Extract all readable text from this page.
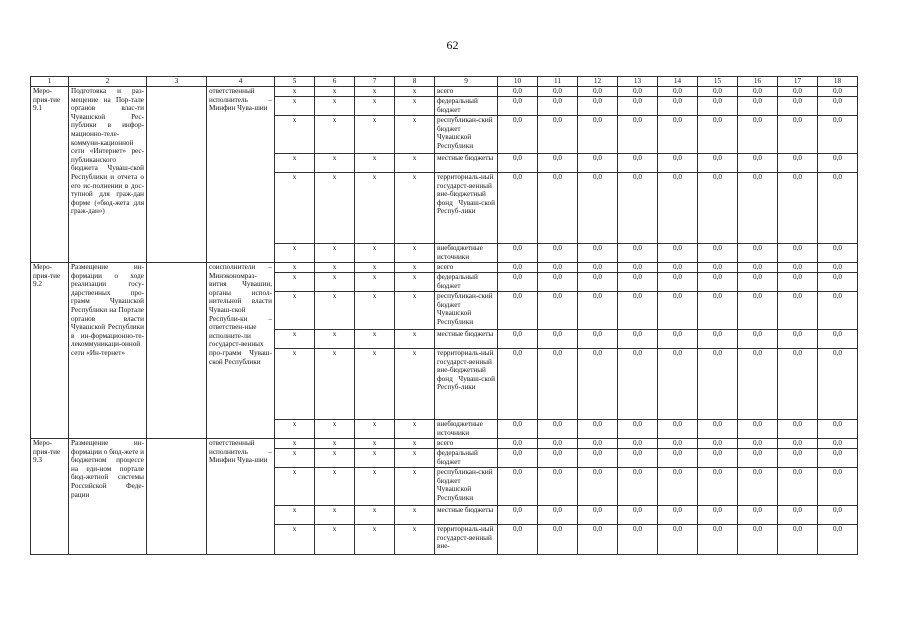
62
1	2	3	4	5	6	7	8	9	10	11	12	13	14	15	16	17	18
Меро-прия-тие 9.1	Подготовка и раз-мещение на Пор-тале органов влас-ти Чувашской Рес-публики в инфор-мационно-теле-коммуни-кационной сети «Интернет» рес-публиканского бюджета Чуваш-ской Республики и отчета о его ис-полнении в дос-тупной для граж-дан форме («бюд-жета для граж-дан»)		ответственный исполнитель – Минфин Чува-шии	x	x	x	x	всего	0,0	0,0	0,0	0,0	0,0	0,0	0,0	0,0	0,0
				x	x	x	x	федеральный бюджет	0,0	0,0	0,0	0,0	0,0	0,0	0,0	0,0	0,0
				x	x	x	x	республикан-ский бюджет Чувашской Республики	0,0	0,0	0,0	0,0	0,0	0,0	0,0	0,0	0,0
				x	x	x	x	местные бюджеты	0,0	0,0	0,0	0,0	0,0	0,0	0,0	0,0	0,0
				x	x	x	x	территориаль-ный государст-венный вне-бюджетный фонд Чуваш-ской Респуб-лики	0,0	0,0	0,0	0,0	0,0	0,0	0,0	0,0	0,0
				x	x	x	x	внебюджетные источники	0,0	0,0	0,0	0,0	0,0	0,0	0,0	0,0	0,0
Меро-прия-тие 9.2	Размещение ин-формации о ходе реализации госу-дарственных про-грамм Чувашской Республики на Портале органов власти Чувашской Республики в ин-формационно-те-лекоммуникаци-онной сети «Ин-тернет»		соисполнители – Минэкономраз-вития Чувашии, органы испол-нительной власти Чуваш-ской Республи-ки – ответствен-ные исполните-ли государст-венных про-грамм Чуваш-ской Республики	x	x	x	x	всего	0,0	0,0	0,0	0,0	0,0	0,0	0,0	0,0	0,0
				x	x	x	x	федеральный бюджет	0,0	0,0	0,0	0,0	0,0	0,0	0,0	0,0	0,0
				x	x	x	x	республикан-ский бюджет Чувашской Республики	0,0	0,0	0,0	0,0	0,0	0,0	0,0	0,0	0,0
				x	x	x	x	местные бюджеты	0,0	0,0	0,0	0,0	0,0	0,0	0,0	0,0	0,0
				x	x	x	x	территориаль-ный государст-венный вне-бюджетный фонд Чуваш-ской Респуб-лики	0,0	0,0	0,0	0,0	0,0	0,0	0,0	0,0	0,0
				x	x	x	x	внебюджетные источники	0,0	0,0	0,0	0,0	0,0	0,0	0,0	0,0	0,0
Меро-прия-тие 9.3	Размещение ин-формации о бюд-жете и бюджетном процессе на еди-ном портале бюд-жетной системы Российской Феде-рации		ответственный исполнитель – Минфин Чува-шии	x	x	x	x	всего	0,0	0,0	0,0	0,0	0,0	0,0	0,0	0,0	0,0
				x	x	x	x	федеральный бюджет	0,0	0,0	0,0	0,0	0,0	0,0	0,0	0,0	0,0
				x	x	x	x	республикан-ский бюджет Чувашской Республики	0,0	0,0	0,0	0,0	0,0	0,0	0,0	0,0	0,0
				x	x	x	x	местные бюджеты	0,0	0,0	0,0	0,0	0,0	0,0	0,0	0,0	0,0
				x	x	x	x	территориаль-ный государст-венный вне-	0,0	0,0	0,0	0,0	0,0	0,0	0,0	0,0	0,0
